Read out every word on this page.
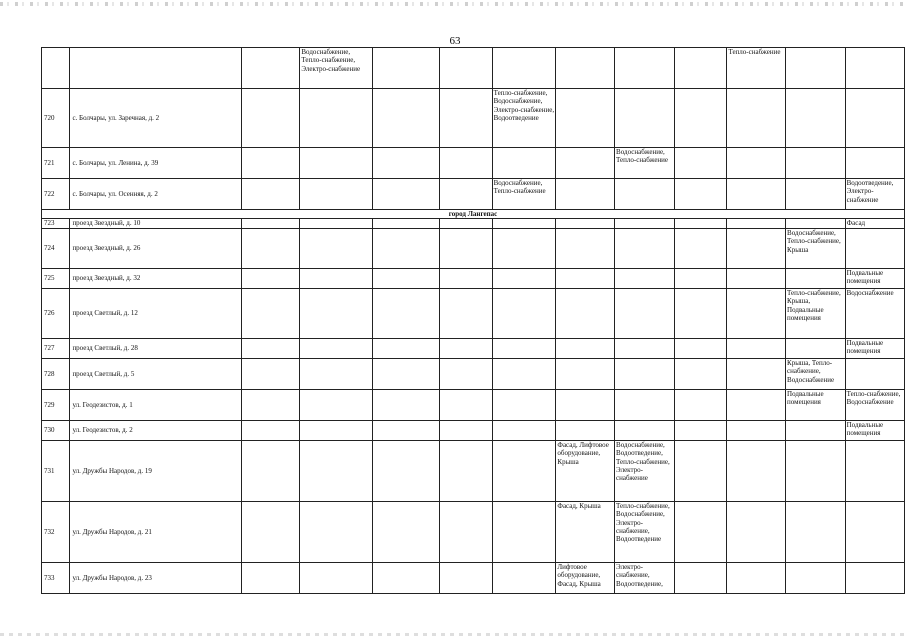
63
			Водоснабжение, Тепло-снабжение, Электро-снабжение							Тепло-снабжение		
720	с. Болчары, ул. Заречная, д. 2					Тепло-снабжение, Водоснабжение, Электро-снабжение, Водоотведение						
721	с. Болчары, ул. Ленина, д. 39							Водоснабжение, Тепло-снабжение				
722	с. Болчары, ул. Осенняя, д. 2					Водоснабжение, Тепло-снабжение						Водоотведение, Электро-снабжение
город Лангепас												
723	проезд Звездный, д. 10											Фасад
724	проезд Звездный, д. 26										Водоснабжение, Тепло-снабжение, Крыша	
725	проезд Звездный, д. 32											Подвальные помещения
726	проезд Светлый, д. 12										Тепло-снабжение, Крыша, Подвальные помещения	Водоснабжение
727	проезд Светлый, д. 28											Подвальные помещения
728	проезд Светлый, д. 5										Крыша, Тепло-снабжение, Водоснабжение	
729	ул. Геодезистов, д. 1										Подвальные помещения	Тепло-снабжение, Водоснабжение
730	ул. Геодезистов, д. 2											Подвальные помещения
731	ул. Дружбы Народов, д. 19						Фасад, Лифтовое оборудование, Крыша	Водоснабжение, Водоотведение, Тепло-снабжение, Электро-снабжение				
732	ул. Дружбы Народов, д. 21						Фасад, Крыша	Тепло-снабжение, Водоснабжение, Электро-снабжение, Водоотведение				
733	ул. Дружбы Народов, д. 23						Лифтовое оборудование, Фасад, Крыша	Электро-снабжение, Водоотведение,				
